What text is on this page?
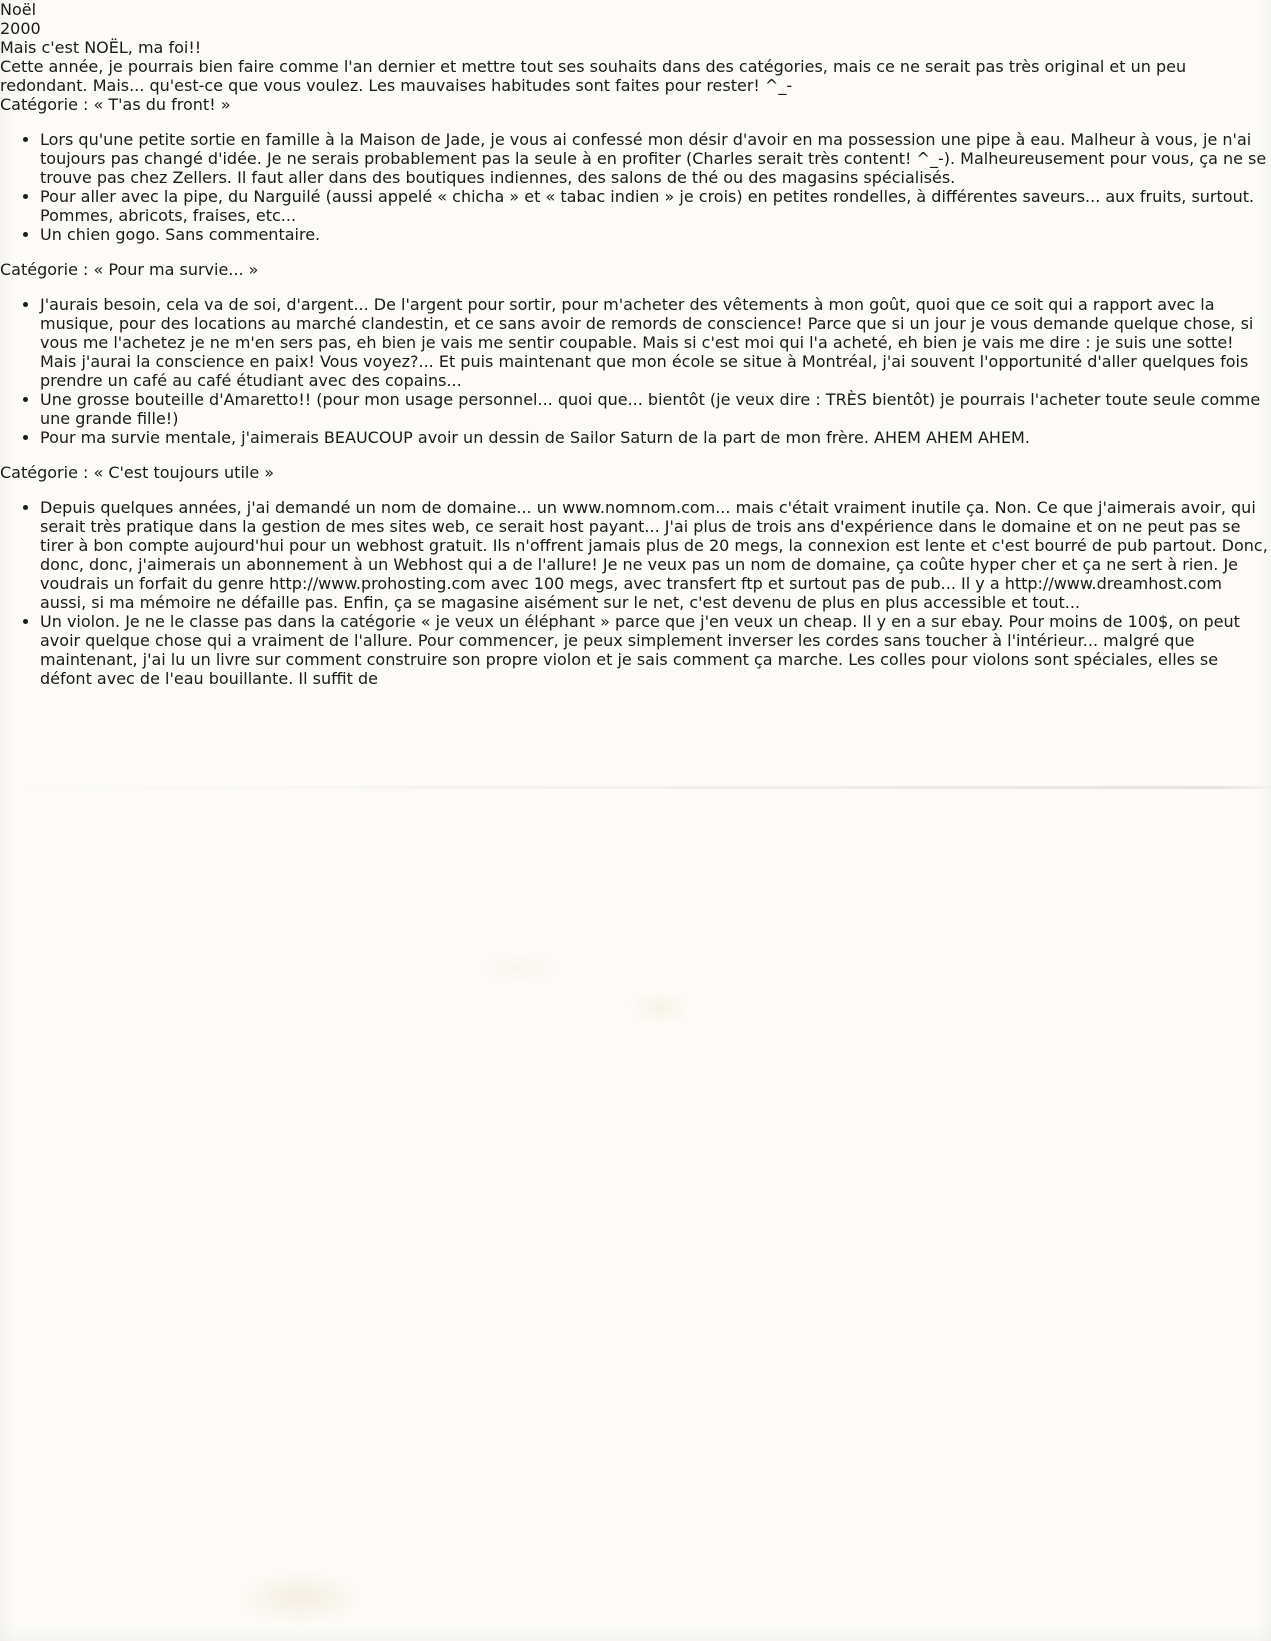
Noël
2000
Mais c'est NOËL, ma foi!!
Cette année, je pourrais bien faire comme l'an dernier et mettre tout ses souhaits dans des catégories, mais ce ne serait pas très original et un peu redondant. Mais... qu'est-ce que vous voulez. Les mauvaises habitudes sont faites pour rester! ^_-
Catégorie : « T'as du front! »
• Lors qu'une petite sortie en famille à la Maison de Jade, je vous ai confessé mon désir d'avoir en ma possession une pipe à eau. Malheur à vous, je n'ai toujours pas changé d'idée. Je ne serais probablement pas la seule à en profiter (Charles serait très content! ^_-). Malheureusement pour vous, ça ne se trouve pas chez Zellers. Il faut aller dans des boutiques indiennes, des salons de thé ou des magasins spécialisés.
• Pour aller avec la pipe, du Narguilé (aussi appelé « chicha » et « tabac indien » je crois) en petites rondelles, à différentes saveurs... aux fruits, surtout. Pommes, abricots, fraises, etc...
• Un chien gogo. Sans commentaire.
Catégorie : « Pour ma survie... »
• J'aurais besoin, cela va de soi, d'argent... De l'argent pour sortir, pour m'acheter des vêtements à mon goût, quoi que ce soit qui a rapport avec la musique, pour des locations au marché clandestin, et ce sans avoir de remords de conscience! Parce que si un jour je vous demande quelque chose, si vous me l'achetez je ne m'en sers pas, eh bien je vais me sentir coupable. Mais si c'est moi qui l'a acheté, eh bien je vais me dire : je suis une sotte! Mais j'aurai la conscience en paix! Vous voyez?... Et puis maintenant que mon école se situe à Montréal, j'ai souvent l'opportunité d'aller quelques fois prendre un café au café étudiant avec des copains...
• Une grosse bouteille d'Amaretto!! (pour mon usage personnel... quoi que... bientôt (je veux dire : TRÈS bientôt) je pourrais l'acheter toute seule comme une grande fille!)
• Pour ma survie mentale, j'aimerais BEAUCOUP avoir un dessin de Sailor Saturn de la part de mon frère. AHEM AHEM AHEM.
Catégorie : « C'est toujours utile »
• Depuis quelques années, j'ai demandé un nom de domaine... un www.nomnom.com... mais c'était vraiment inutile ça. Non. Ce que j'aimerais avoir, qui serait très pratique dans la gestion de mes sites web, ce serait host payant... J'ai plus de trois ans d'expérience dans le domaine et on ne peut pas se tirer à bon compte aujourd'hui pour un webhost gratuit. Ils n'offrent jamais plus de 20 megs, la connexion est lente et c'est bourré de pub partout. Donc, donc, donc, j'aimerais un abonnement à un Webhost qui a de l'allure! Je ne veux pas un nom de domaine, ça coûte hyper cher et ça ne sert à rien. Je voudrais un forfait du genre http://www.prohosting.com avec 100 megs, avec transfert ftp et surtout pas de pub... Il y a http://www.dreamhost.com aussi, si ma mémoire ne défaille pas. Enfin, ça se magasine aisément sur le net, c'est devenu de plus en plus accessible et tout...
• Un violon. Je ne le classe pas dans la catégorie « je veux un éléphant » parce que j'en veux un cheap. Il y en a sur ebay. Pour moins de 100$, on peut avoir quelque chose qui a vraiment de l'allure. Pour commencer, je peux simplement inverser les cordes sans toucher à l'intérieur... malgré que maintenant, j'ai lu un livre sur comment construire son propre violon et je sais comment ça marche. Les colles pour violons sont spéciales, elles se défont avec de l'eau bouillante. Il suffit de
